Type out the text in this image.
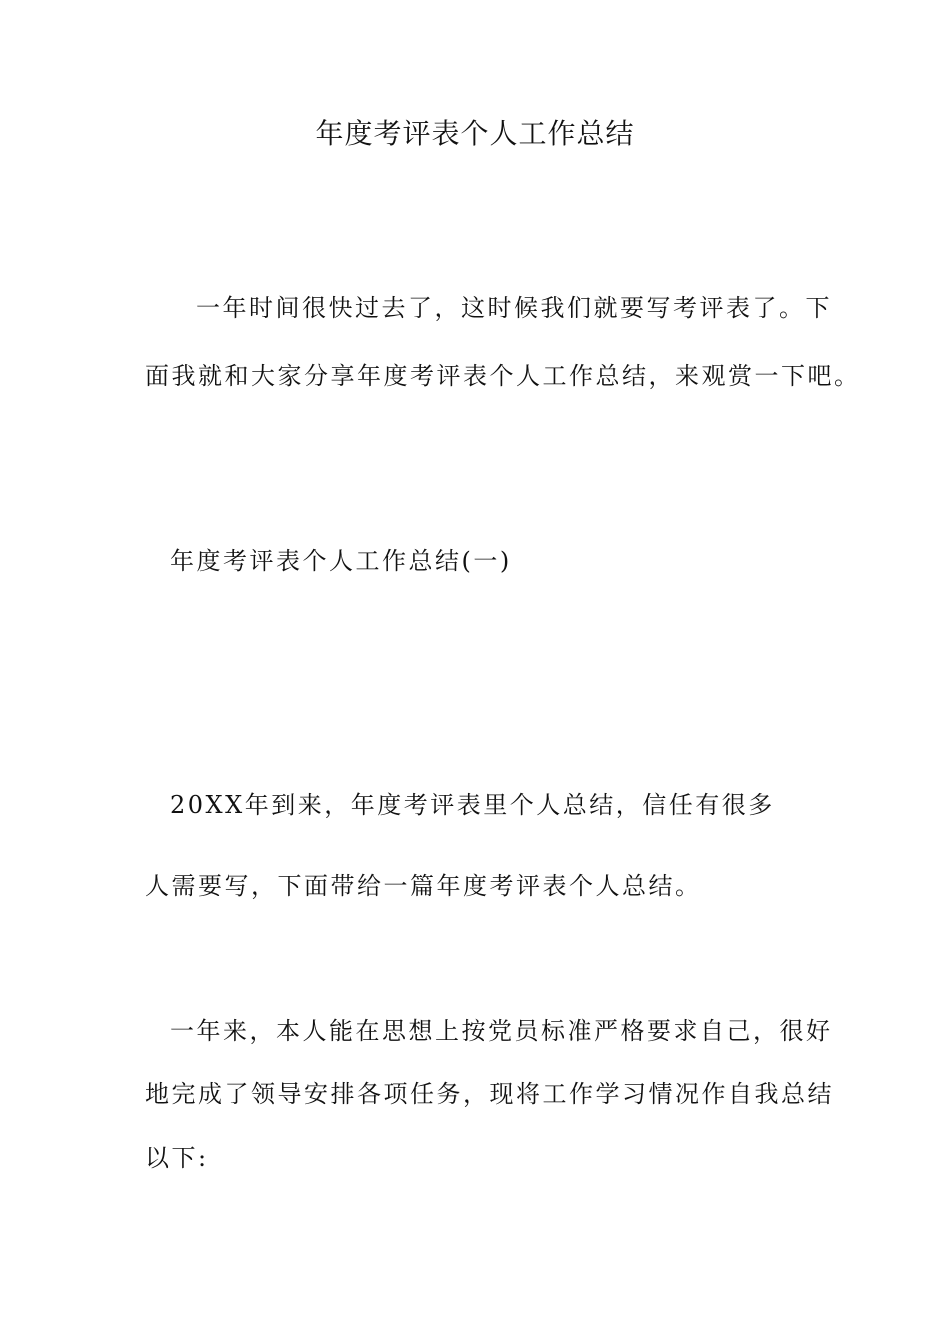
年度考评表个人工作总结
一年时间很快过去了，这时候我们就要写考评表了。下
面我就和大家分享年度考评表个人工作总结，来观赏一下吧。
年度考评表个人工作总结(一)
20XX年到来，年度考评表里个人总结，信任有很多
人需要写，下面带给一篇年度考评表个人总结。
一年来，本人能在思想上按党员标准严格要求自己，很好
地完成了领导安排各项任务，现将工作学习情况作自我总结
以下:
